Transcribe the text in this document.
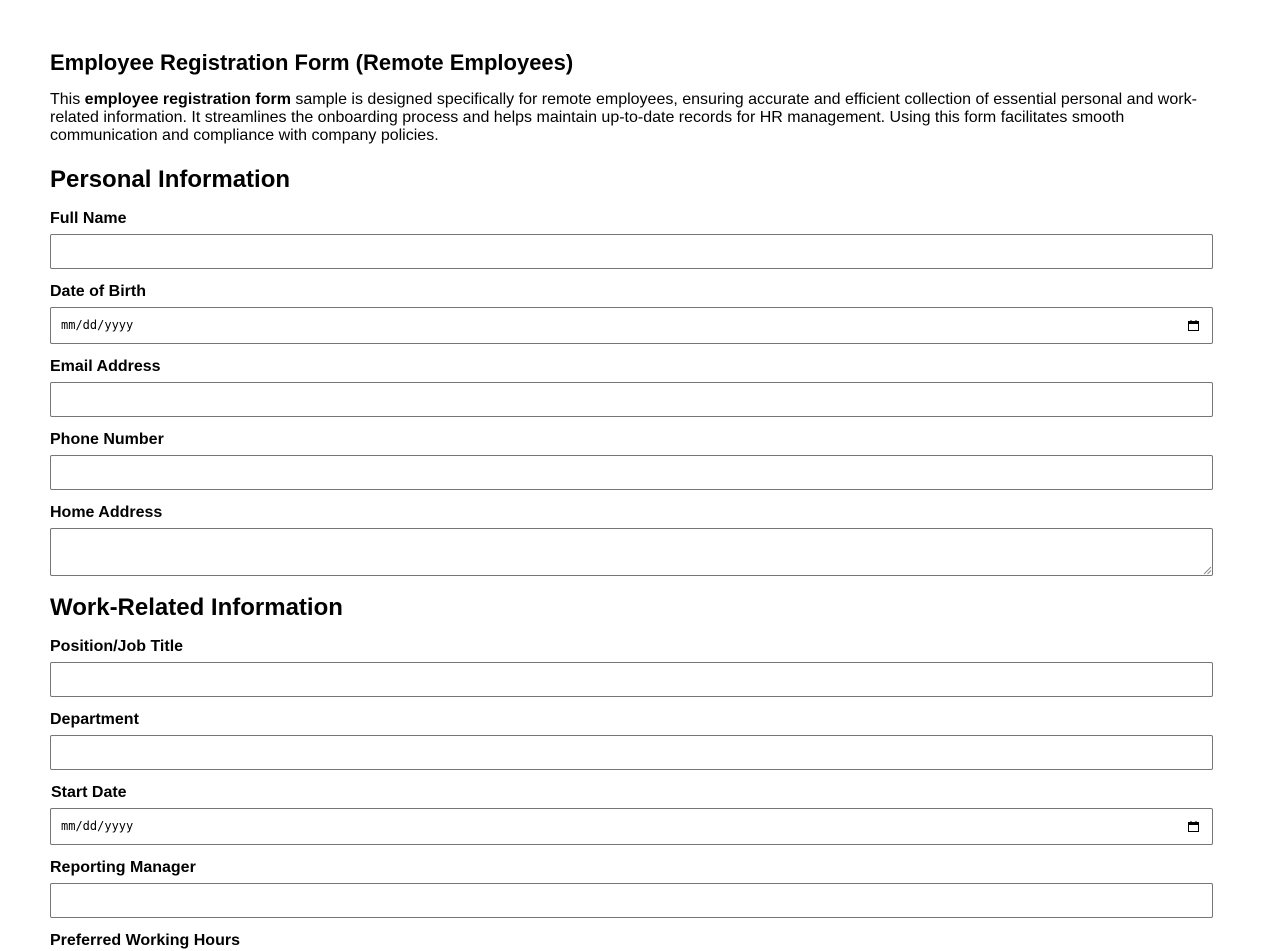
Employee Registration Form (Remote Employees)

This employee registration form sample is designed specifically for remote employees, ensuring accurate and efficient collection of essential personal and work-related information. It streamlines the onboarding process and helps maintain up-to-date records for HR management. Using this form facilitates smooth communication and compliance with company policies.

Personal Information
Full Name
Date of Birth
mm/dd/yyyy
Email Address
Phone Number
Home Address
Work-Related Information
Position/Job Title
Department
Start Date
mm/dd/yyyy
Reporting Manager
Preferred Working Hours
